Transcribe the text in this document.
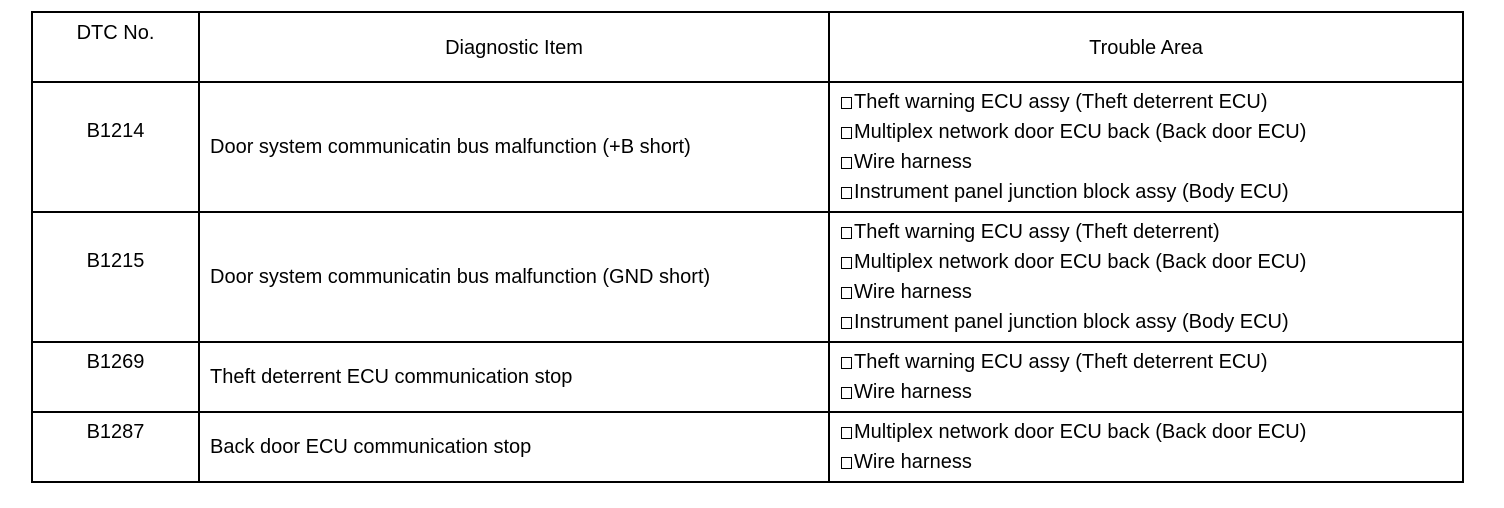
DTC No.	Diagnostic Item	Trouble Area
B1214	Door system communicatin bus malfunction (+B short)	Theft warning ECU assy (Theft deterrent ECU)
Multiplex network door ECU back (Back door ECU)
Wire harness
Instrument panel junction block assy (Body ECU)

B1215	Door system communicatin bus malfunction (GND short)	Theft warning ECU assy (Theft deterrent)
Multiplex network door ECU back (Back door ECU)
Wire harness
Instrument panel junction block assy (Body ECU)

B1269	Theft deterrent ECU communication stop	Theft warning ECU assy (Theft deterrent ECU)
Wire harness

B1287	Back door ECU communication stop	Multiplex network door ECU back (Back door ECU)
Wire harness
